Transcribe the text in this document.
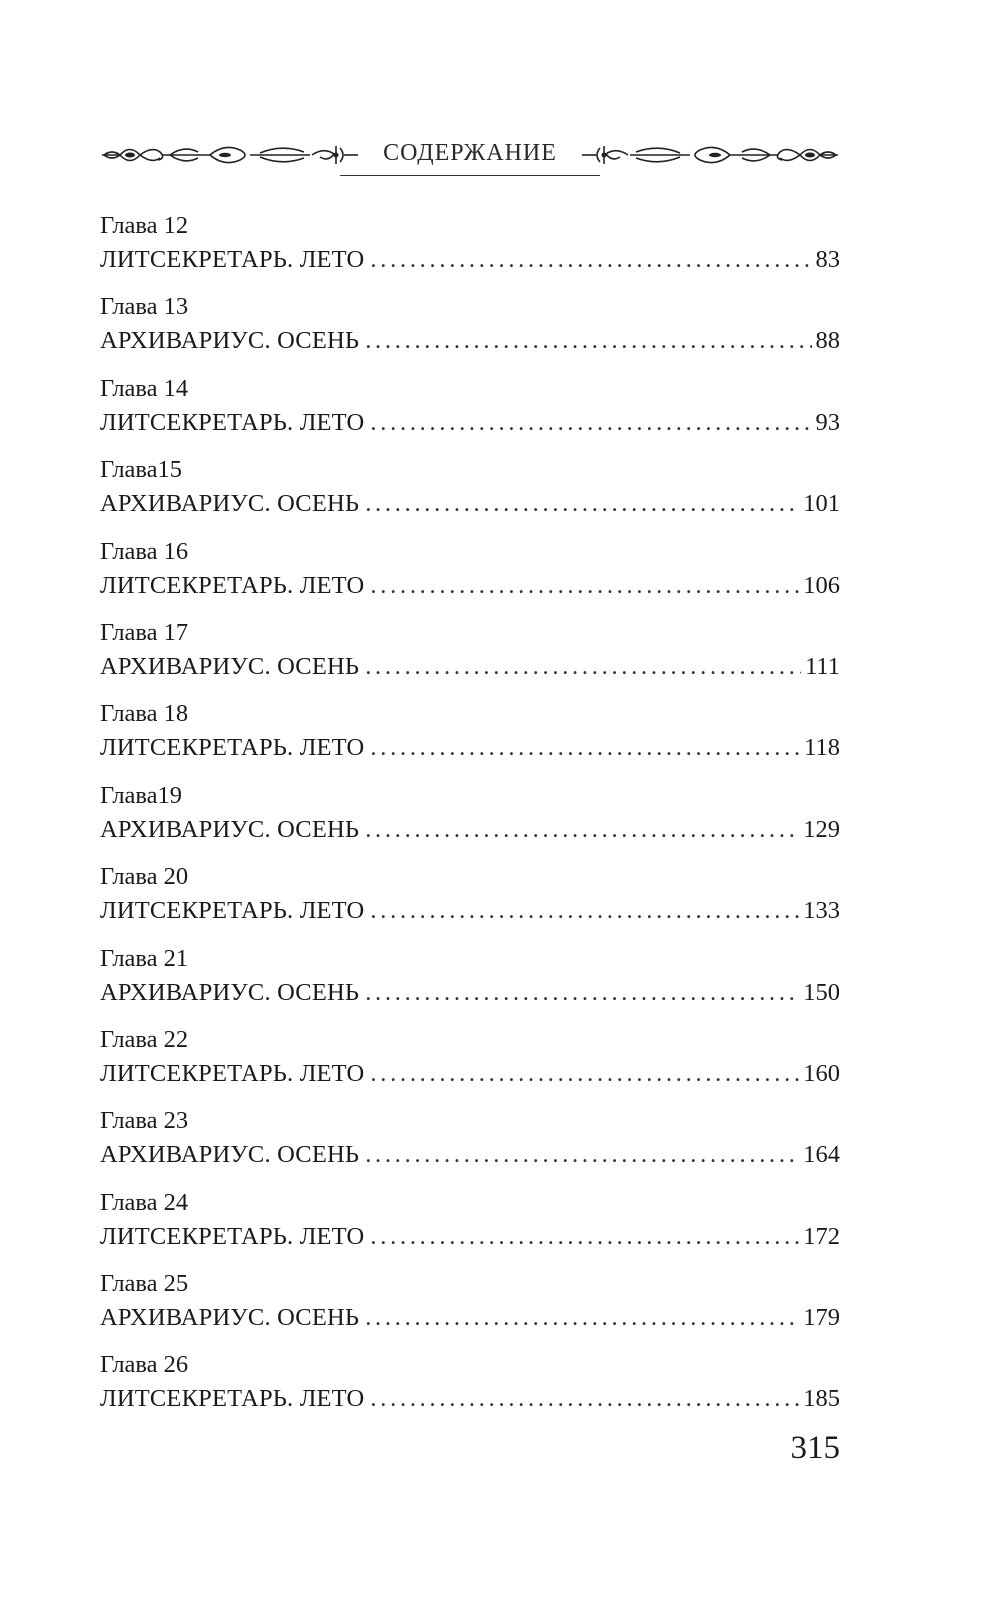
СОДЕРЖАНИЕ
Глава 12
ЛИТСЕКРЕТАРЬ. ЛЕТО . . .	83
Глава 13
АРХИВАРИУС. ОСЕНЬ . . .	88
Глава 14
ЛИТСЕКРЕТАРЬ. ЛЕТО . . .	93
Глава15
АРХИВАРИУС. ОСЕНЬ . . .	101
Глава 16
ЛИТСЕКРЕТАРЬ. ЛЕТО . . .	106
Глава 17
АРХИВАРИУС. ОСЕНЬ . . .	111
Глава 18
ЛИТСЕКРЕТАРЬ. ЛЕТО . . .	118
Глава19
АРХИВАРИУС. ОСЕНЬ . . .	129
Глава 20
ЛИТСЕКРЕТАРЬ. ЛЕТО . . .	133
Глава 21
АРХИВАРИУС. ОСЕНЬ . . .	150
Глава 22
ЛИТСЕКРЕТАРЬ. ЛЕТО . . .	160
Глава 23
АРХИВАРИУС. ОСЕНЬ . . .	164
Глава 24
ЛИТСЕКРЕТАРЬ. ЛЕТО . . .	172
Глава 25
АРХИВАРИУС. ОСЕНЬ . . .	179
Глава 26
ЛИТСЕКРЕТАРЬ. ЛЕТО . . .	185
315
